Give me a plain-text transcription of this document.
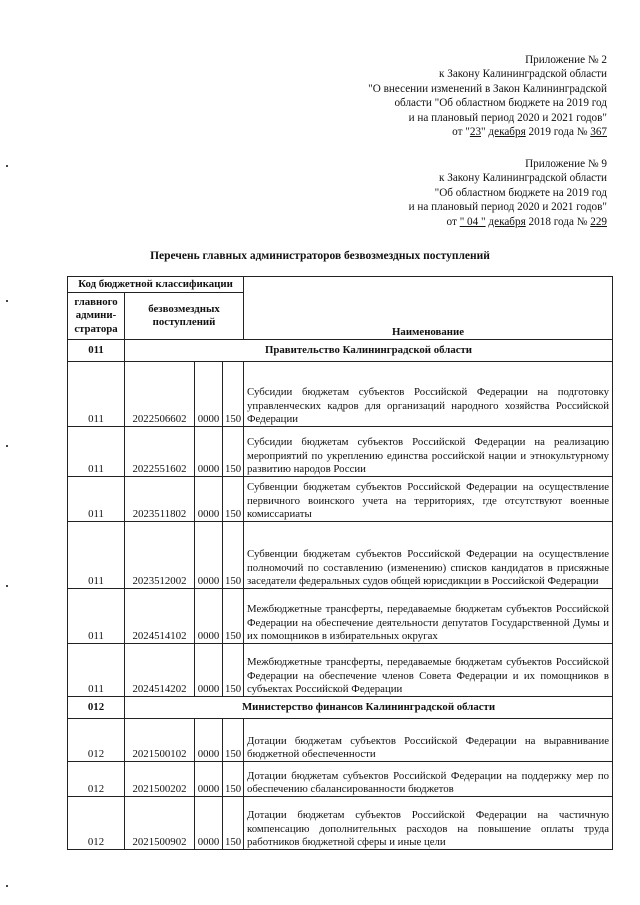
Приложение № 2
к Закону Калининградской области
"О внесении изменений в Закон Калининградской
области "Об областном бюджете на 2019 год
и на плановый период 2020 и 2021 годов"
от "23" декабря 2019 года № 367
Приложение № 9
к Закону Калининградской области
"Об областном бюджете на 2019 год
и на плановый период 2020 и 2021 годов"
от " 04 " декабря 2018 года № 229
Перечень главных администраторов безвозмездных поступлений
Код бюджетной классификации				Наименование
главного админи- стратора	безвозмездных поступлений			
011	Правительство Калининградской области			
011	2022506602	0000	150	Субсидии бюджетам субъектов Российской Федерации на подготовку управленческих кадров для организаций народного хозяйства Российской Федерации
011	2022551602	0000	150	Субсидии бюджетам субъектов Российской Федерации на реализацию мероприятий по укреплению единства российской нации и этнокультурному развитию народов России
011	2023511802	0000	150	Субвенции бюджетам субъектов Российской Федерации на осуществление первичного воинского учета на территориях, где отсутствуют военные комиссариаты
011	2023512002	0000	150	Субвенции бюджетам субъектов Российской Федерации на осуществление полномочий по составлению (изменению) списков кандидатов в присяжные заседатели федеральных судов общей юрисдикции в Российской Федерации
011	2024514102	0000	150	Межбюджетные трансферты, передаваемые бюджетам субъектов Российской Федерации на обеспечение деятельности депутатов Государственной Думы и их помощников в избирательных округах
011	2024514202	0000	150	Межбюджетные трансферты, передаваемые бюджетам субъектов Российской Федерации на обеспечение членов Совета Федерации и их помощников в субъектах Российской Федерации
012	Министерство финансов Калининградской области			
012	2021500102	0000	150	Дотации бюджетам субъектов Российской Федерации на выравнивание бюджетной обеспеченности
012	2021500202	0000	150	Дотации бюджетам субъектов Российской Федерации на поддержку мер по обеспечению сбалансированности бюджетов
012	2021500902	0000	150	Дотации бюджетам субъектов Российской Федерации на частичную компенсацию дополнительных расходов на повышение оплаты труда работников бюджетной сферы и иные цели
